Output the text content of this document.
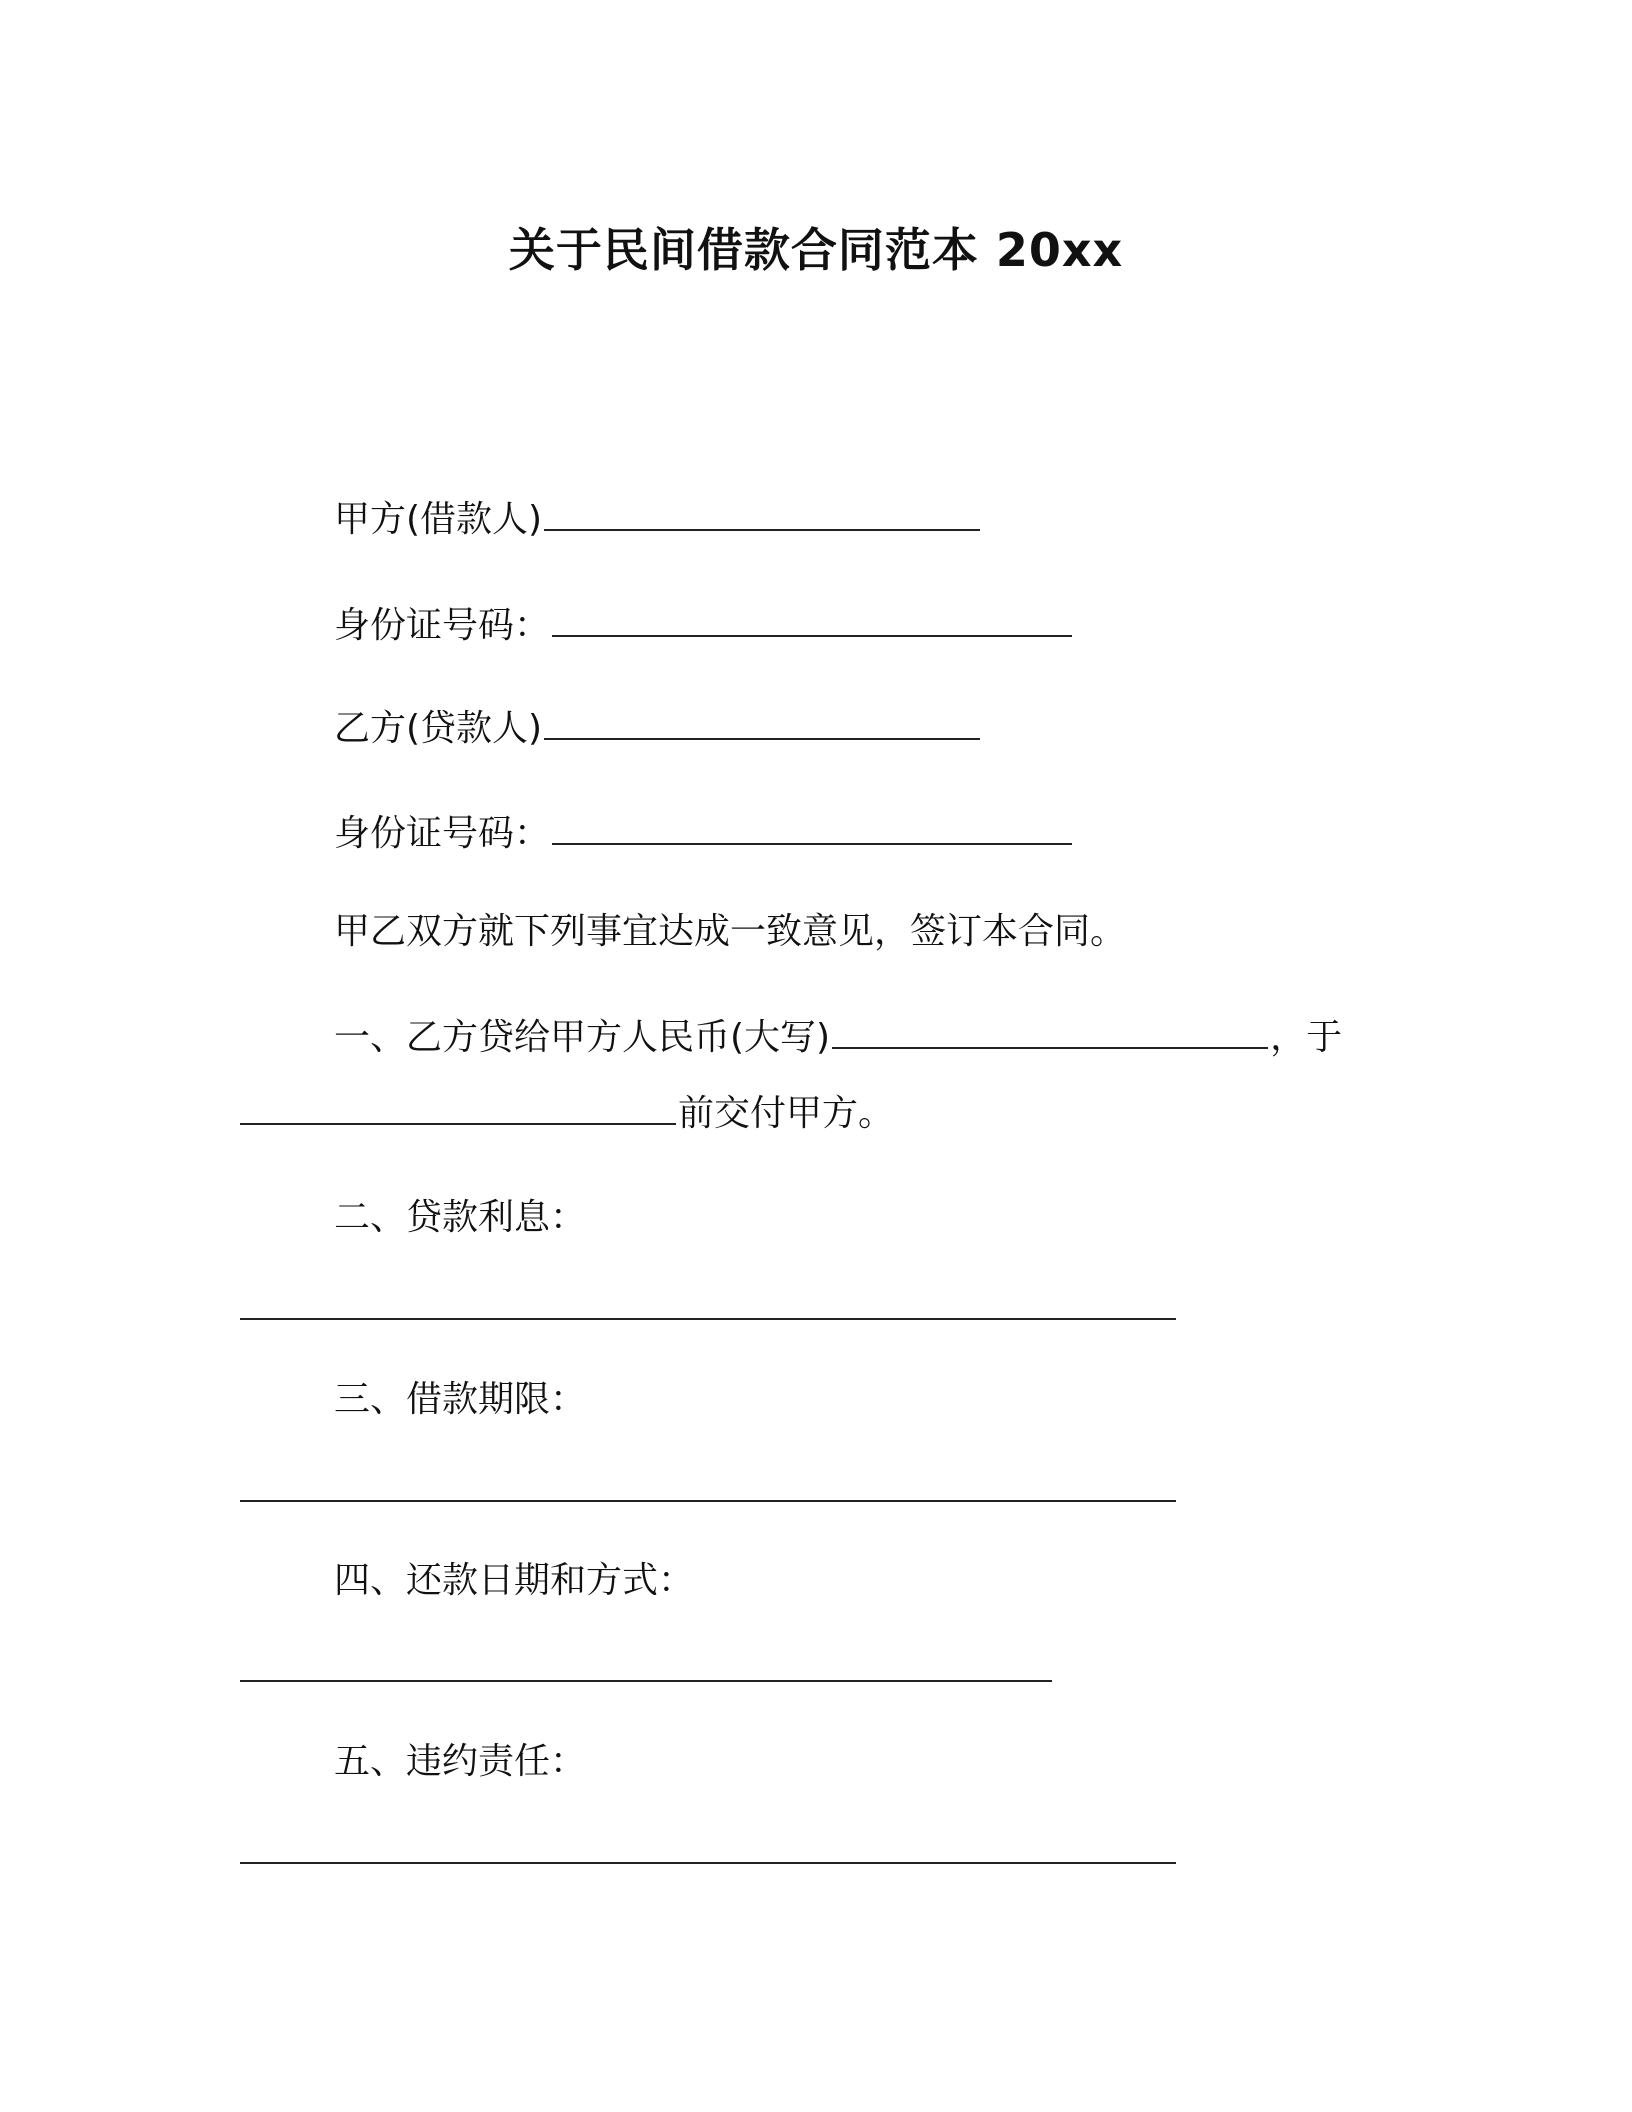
关于民间借款合同范本 20xx
甲方(借款人)
身份证号码：
乙方(贷款人)
身份证号码：
甲乙双方就下列事宜达成一致意见，签订本合同。
一、乙方贷给甲方人民币(大写)	，于
前交付甲方。
二、贷款利息：
三、借款期限：
四、还款日期和方式：
五、违约责任：
